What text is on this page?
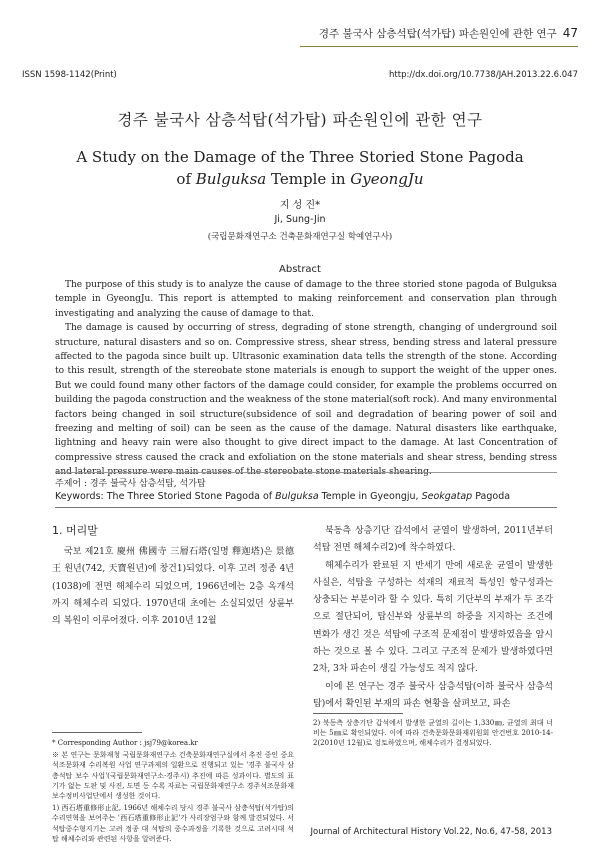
경주 불국사 삼층석탑(석가탑) 파손원인에 관한 연구 47
ISSN 1598-1142(Print)	http://dx.doi.org/10.7738/JAH.2013.22.6.047
경주 불국사 삼층석탑(석가탑) 파손원인에 관한 연구
A Study on the Damage of the Three Storied Stone Pagoda
of Bulguksa Temple in GyeongJu
지 성 진*
Ji, Sung-Jin
(국립문화재연구소 건축문화재연구실 학예연구사)
Abstract

The purpose of this study is to analyze the cause of damage to the three storied stone pagoda of Bulguksa temple in GyeongJu. This report is attempted to making reinforcement and conservation plan through investigating and analyzing the cause of damage to that.

The damage is caused by occurring of stress, degrading of stone strength, changing of underground soil structure, natural disasters and so on. Compressive stress, shear stress, bending stress and lateral pressure affected to the pagoda since built up. Ultrasonic examination data tells the strength of the stone. According to this result, strength of the stereobate stone materials is enough to support the weight of the upper ones. But we could found many other factors of the damage could consider, for example the problems occurred on building the pagoda construction and the weakness of the stone material(soft rock). And many environmental factors being changed in soil structure(subsidence of soil and degradation of bearing power of soil and freezing and melting of soil) can be seen as the cause of the damage. Natural disasters like earthquake, lightning and heavy rain were also thought to give direct impact to the damage. At last Concentration of compressive stress caused the crack and exfoliation on the stone materials and shear stress, bending stress and lateral pressure were main causes of the stereobate stone materials shearing.

주제어 : 경주 불국사 삼층석탑, 석가탑
Keywords: The Three Storied Stone Pagoda of Bulguksa Temple in Gyeongju, Seokgatap Pagoda
1. 머리말

국보 제21호 慶州 佛國寺 三層石塔(일명 釋迦塔)은 景德王 원년(742, 天寶원년)에 창건1)되었다. 이후 고려 정종 4년(1038)에 전면 해체수리 되었으며, 1966년에는 2층 옥개석까지 해체수리 되었다. 1970년대 초에는 소실되었던 상륜부의 복원이 이루어졌다. 이후 2010년 12월

북동측 상층기단 갑석에서 균열이 발생하여, 2011년부터 석탑 전면 해체수리2)에 착수하였다.

해체수리가 완료된 지 반세기 만에 새로운 균열이 발생한 사실은, 석탑을 구성하는 석재의 재료적 특성인 항구성과는 상충되는 부분이라 할 수 있다. 특히 기단부의 부재가 두 조각으로 절단되어, 탑신부와 상륜부의 하중을 지지하는 조건에 변화가 생긴 것은 석탑에 구조적 문제점이 발생하였음을 암시하는 것으로 볼 수 있다. 그리고 구조적 문제가 발생하였다면 2차, 3차 파손이 생길 가능성도 적지 않다.

이에 본 연구는 경주 불국사 삼층석탑(이하 불국사 삼층석탑)에서 확인된 부재의 파손 현황을 살펴보고, 파손

* Corresponding Author : jsj79@korea.kr

※ 본 연구는 문화재청 국립문화재연구소 건축문화재연구실에서 추진 중인 중요석조문화재 수리복원 사업 연구과제의 일환으로 진행되고 있는 '경주 불국사 삼층석탑 보수 사업'(국립문화재연구소·경주시) 추진에 따른 성과이다. 별도의 표기가 없는 도판 및 사진, 도면 등 수록 자료는 국립문화재연구소 경주석조문화재보수정비사업단에서 생성한 것이다.

1) 西石塔重修形止記, 1966년 해체수리 당시 경주 불국사 삼층석탑(석가탑)의 수리연혁을 보여주는 '西石塔重修形止記'가 사리장엄구와 함께 발견되었다. 서석탑중수형지기는 고려 정종 대 석탑의 중수과정을 기록한 것으로 고려시대 석탑 해체수리와 관련된 사항을 알려준다.

2) 북동측 상층기단 갑석에서 발생한 균열의 길이는 1,330㎜, 균열의 최대 너비는 5㎜로 확인되었다. 이에 따라 건축문화문화재위원회 안건번호 2010-14-2(2010년 12월)로 검토하였으며, 해체수리가 결정되었다.

Journal of Architectural History Vol.22, No.6, 47-58, 2013
